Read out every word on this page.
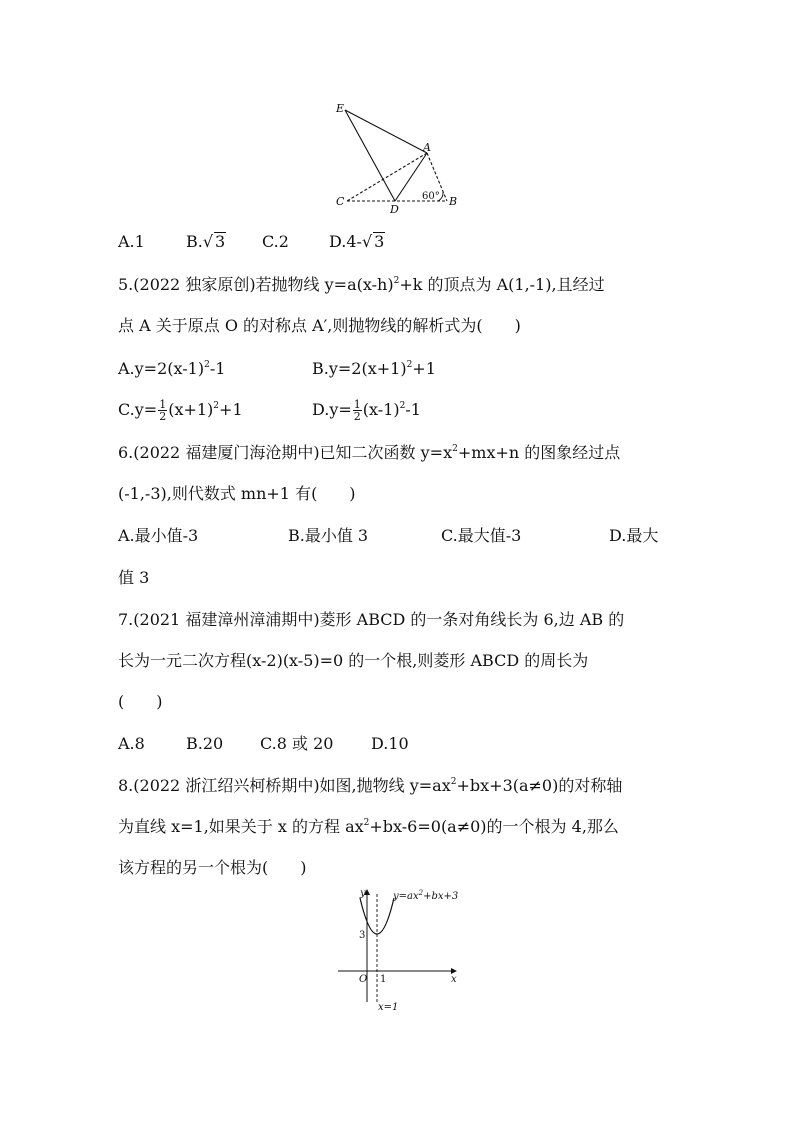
E
A
C
D
B
60°
A.1	B.√ 3 C.2	D.4-√ 3
5.(2022 独家原创)若抛物线 $y=a(x-h)^2+k$ 的顶点为 A(1,-1),且经过
点 A 关于原点 O 的对称点 A′,则抛物线的解析式为(　　)
$A.y=2(x-1)^2-1$	$B.y=2(x+1)^2+1$
$C.y= \frac{1}{2} (x+1)^2+1$	$D.y= \frac{1}{2} (x-1)^2-1$
6.(2022 福建厦门海沧期中)已知二次函数 $y=x^2+mx+n$ 的图象经过点
(-1,-3),则代数式 mn+1 有(　　)
A.最小值-3	B.最小值 3	C.最大值-3	D.最大
值 3
7.(2021 福建漳州漳浦期中)菱形 ABCD 的一条对角线长为 6,边 AB 的
长为一元二次方程(x-2)(x-5)=0 的一个根,则菱形 ABCD 的周长为
(　　)
A.8	B.20 C.8 或 20 D.10
8.(2022 浙江绍兴柯桥期中)如图,抛物线 $y=ax^2+bx+3(a\ne 0)$的对称轴
为直线 x=1,如果关于 x 的方程 $ax^2+bx-6=0(a\ne 0)$的一个根为 4,那么
该方程的另一个根为(　　)
y
x
O
3
1
x=1
$y=ax^2+bx+3$
